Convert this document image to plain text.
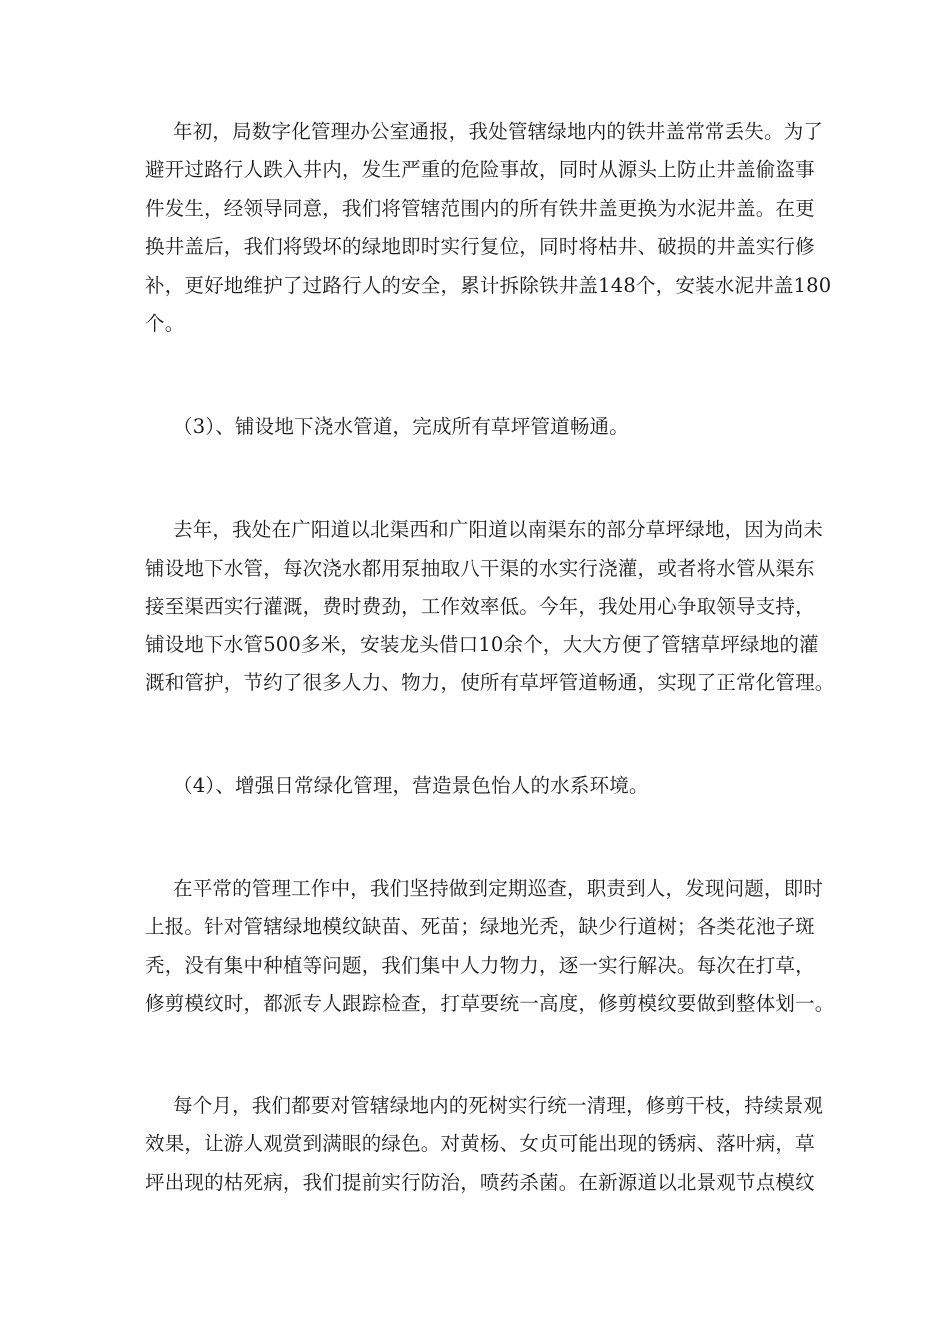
年初，局数字化管理办公室通报，我处管辖绿地内的铁井盖常常丢失。为了
避开过路行人跌入井内，发生严重的危险事故，同时从源头上防止井盖偷盗事
件发生，经领导同意，我们将管辖范围内的所有铁井盖更换为水泥井盖。在更
换井盖后，我们将毁坏的绿地即时实行复位，同时将枯井、破损的井盖实行修
补，更好地维护了过路行人的安全，累计拆除铁井盖148个，安装水泥井盖180
个。
（3）、铺设地下浇水管道，完成所有草坪管道畅通。
去年，我处在广阳道以北渠西和广阳道以南渠东的部分草坪绿地，因为尚未
铺设地下水管，每次浇水都用泵抽取八干渠的水实行浇灌，或者将水管从渠东
接至渠西实行灌溉，费时费劲，工作效率低。今年，我处用心争取领导支持，
铺设地下水管500多米，安装龙头借口10余个，大大方便了管辖草坪绿地的灌
溉和管护，节约了很多人力、物力，使所有草坪管道畅通，实现了正常化管理。
（4）、增强日常绿化管理，营造景色怡人的水系环境。
在平常的管理工作中，我们坚持做到定期巡查，职责到人，发现问题，即时
上报。针对管辖绿地模纹缺苗、死苗；绿地光秃，缺少行道树；各类花池子斑
秃，没有集中种植等问题，我们集中人力物力，逐一实行解决。每次在打草，
修剪模纹时，都派专人跟踪检查，打草要统一高度，修剪模纹要做到整体划一。
每个月，我们都要对管辖绿地内的死树实行统一清理，修剪干枝，持续景观
效果，让游人观赏到满眼的绿色。对黄杨、女贞可能出现的锈病、落叶病，草
坪出现的枯死病，我们提前实行防治，喷药杀菌。在新源道以北景观节点模纹
